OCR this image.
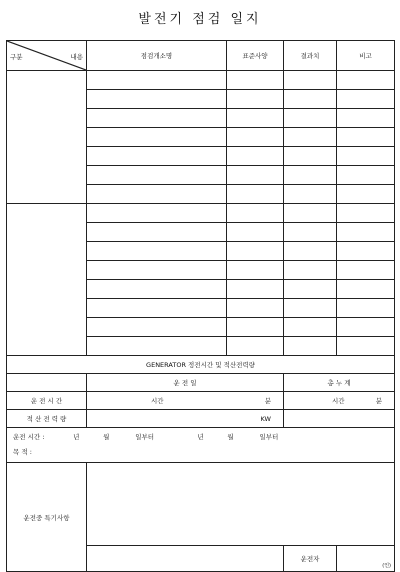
발전기 점검 일지
구분 내용	점검개소명	표준사양	결과치	비고

GENERATOR 정전시간 및 적산전력량				
	운 전 일		총 누 계	
운 전 시 간	시간 분		시간 분	

적 산 전 력 량	KW			

운전 시간 : 년 월 일부터 년 월 일부터
목 적 :				

운전중 특기사항				
			운전자	(인)
